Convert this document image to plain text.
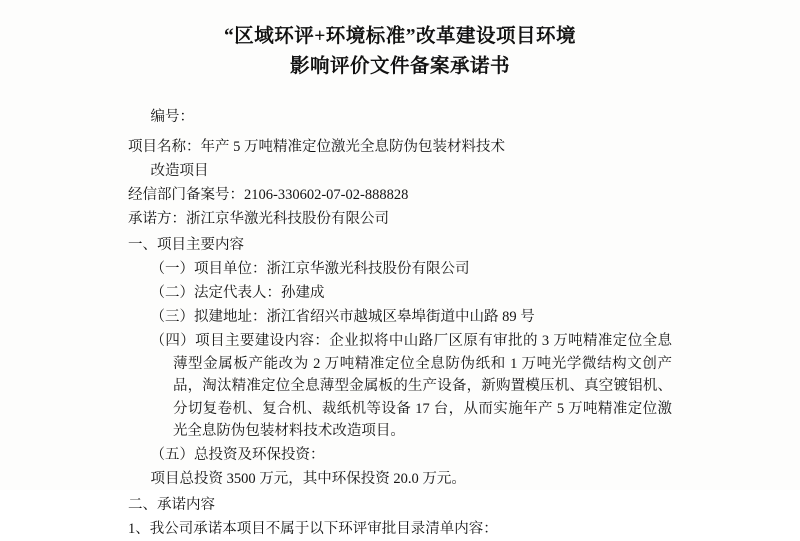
“区域环评+环境标准”改革建设项目环境
影响评价文件备案承诺书

编号：

项目名称：年产 5 万吨精准定位激光全息防伪包装材料技术

改造项目

经信部门备案号：2106-330602-07-02-888828

承诺方：浙江京华激光科技股份有限公司

一、项目主要内容

（一）项目单位：浙江京华激光科技股份有限公司

（二）法定代表人：孙建成

（三）拟建地址：浙江省绍兴市越城区皋埠街道中山路 89 号

（四）项目主要建设内容：企业拟将中山路厂区原有审批的 3 万吨精准定位全息薄型金属板产能改为 2 万吨精准定位全息防伪纸和 1 万吨光学微结构文创产品，淘汰精准定位全息薄型金属板的生产设备，新购置模压机、真空镀铝机、分切复卷机、复合机、裁纸机等设备 17 台，从而实施年产 5 万吨精准定位激光全息防伪包装材料技术改造项目。

（五）总投资及环保投资：

项目总投资 3500 万元，其中环保投资 20.0 万元。

二、承诺内容

1、我公司承诺本项目不属于以下环评审批目录清单内容：
